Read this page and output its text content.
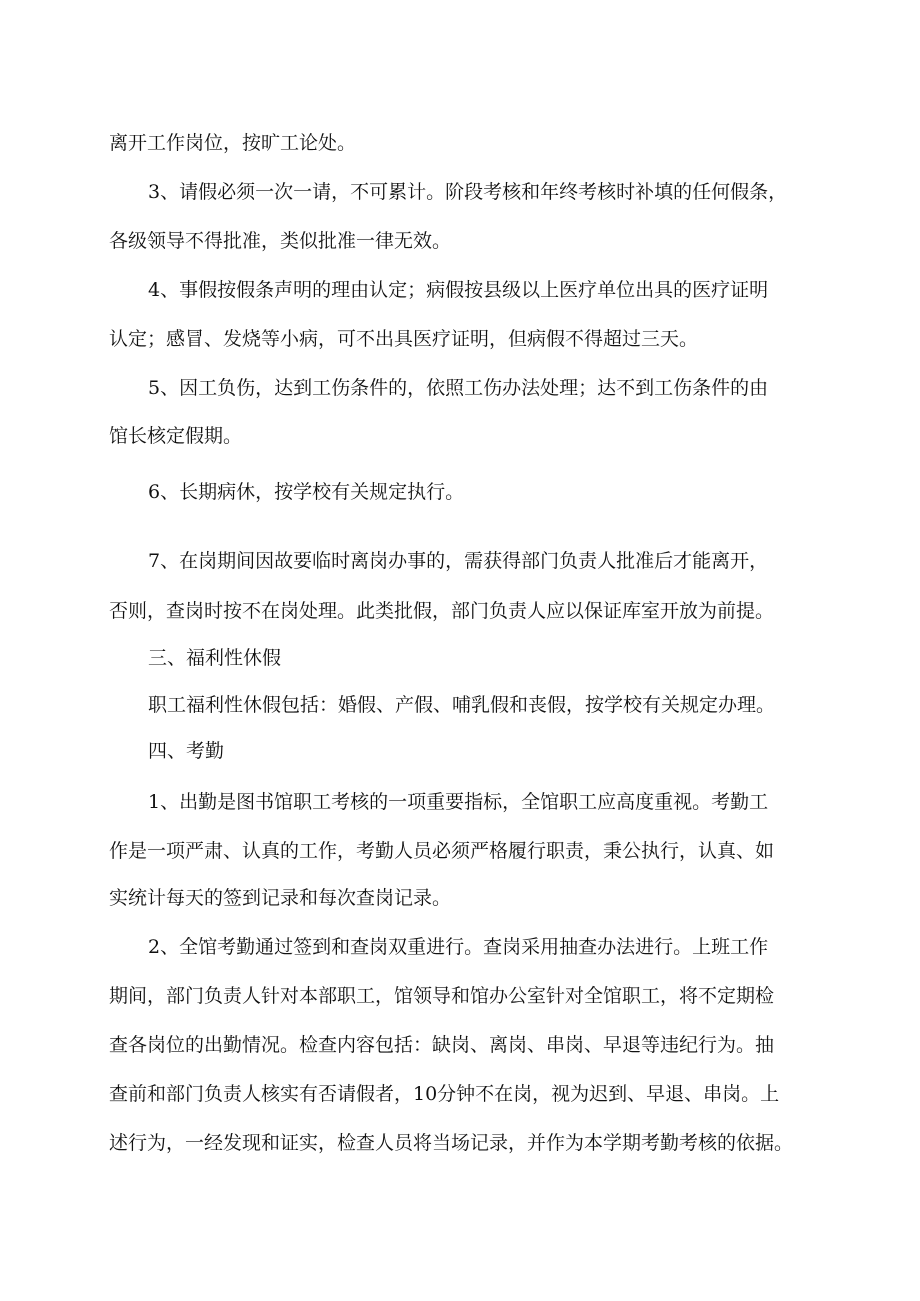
离开工作岗位，按旷工论处。

3、请假必须一次一请，不可累计。阶段考核和年终考核时补填的任何假条，

各级领导不得批准，类似批准一律无效。

4、事假按假条声明的理由认定；病假按县级以上医疗单位出具的医疗证明

认定；感冒、发烧等小病，可不出具医疗证明，但病假不得超过三天。

5、因工负伤，达到工伤条件的，依照工伤办法处理；达不到工伤条件的由

馆长核定假期。

6、长期病休，按学校有关规定执行。

7、在岗期间因故要临时离岗办事的，需获得部门负责人批准后才能离开，

否则，查岗时按不在岗处理。此类批假，部门负责人应以保证库室开放为前提。

三、福利性休假

职工福利性休假包括：婚假、产假、哺乳假和丧假，按学校有关规定办理。

四、考勤

1、出勤是图书馆职工考核的一项重要指标，全馆职工应高度重视。考勤工

作是一项严肃、认真的工作，考勤人员必须严格履行职责，秉公执行，认真、如

实统计每天的签到记录和每次查岗记录。

2、全馆考勤通过签到和查岗双重进行。查岗采用抽查办法进行。上班工作

期间，部门负责人针对本部职工，馆领导和馆办公室针对全馆职工，将不定期检

查各岗位的出勤情况。检查内容包括：缺岗、离岗、串岗、早退等违纪行为。抽

查前和部门负责人核实有否请假者，10分钟不在岗，视为迟到、早退、串岗。上

述行为，一经发现和证实，检查人员将当场记录，并作为本学期考勤考核的依据。
